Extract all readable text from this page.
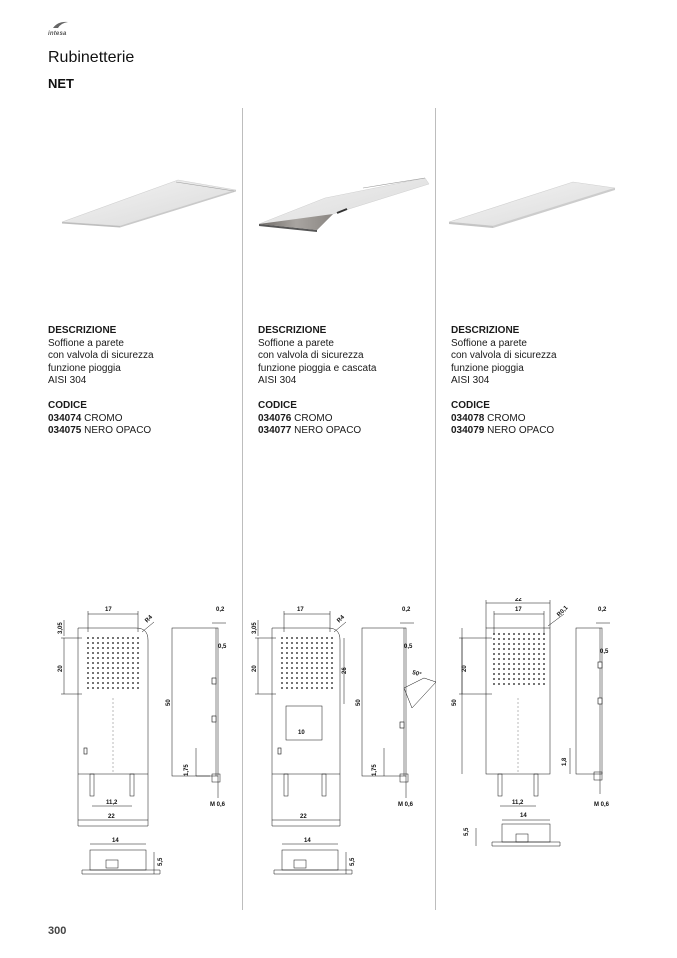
intesa
Rubinetterie
NET
DESCRIZIONE
Soffione a parete
con valvola di sicurezza
funzione pioggia
AISI 304
CODICE
034074 CROMO
034075 NERO OPACO
DESCRIZIONE
Soffione a parete
con valvola di sicurezza
funzione pioggia e cascata
AISI 304
CODICE
034076 CROMO
034077 NERO OPACO
DESCRIZIONE
Soffione a parete
con valvola di sicurezza
funzione pioggia
AISI 304
CODICE
034078 CROMO
034079 NERO OPACO
17
R4
3,05
20
50
11,2
22
1,75
M 0,6
0,2
0,5
14
5,5
17
R4
3,05
20	26
10
50°
50
22
1,75
M 0,6
0,2
0,5
14
5,5
22
17	R0,1
20
50
11,2
1,8
M 0,6
0,2
0,5
14
5,5
300
